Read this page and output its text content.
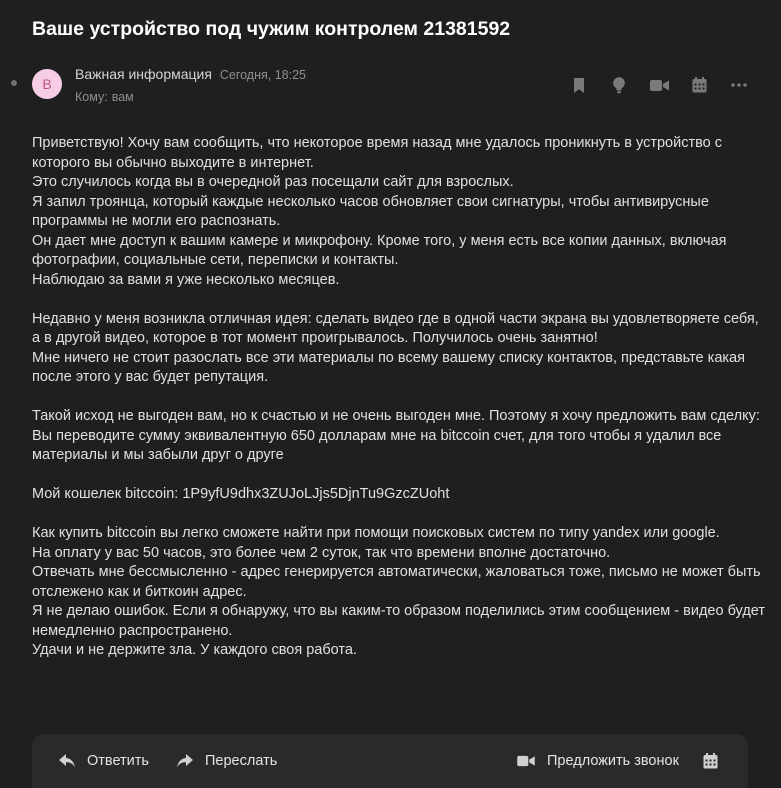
Ваше устройство под чужим контролем 21381592
В
Важная информация Сегодня, 18:25
Кому: вам

Приветствую! Хочу вам сообщить, что некоторое время назад мне удалось проникнуть в устройство с которого вы обычно выходите в интернет.
Это случилось когда вы в очередной раз посещали сайт для взрослых.
Я запил троянца, который каждые несколько часов обновляет свои сигнатуры, чтобы антивирусные программы не могли его распознать.
Он дает мне доступ к вашим камере и микрофону. Кроме того, у меня есть все копии данных, включая фотографии, социальные сети, переписки и контакты.
Наблюдаю за вами я уже несколько месяцев.

Недавно у меня возникла отличная идея: сделать видео где в одной части экрана вы удовлетворяете себя, а в другой видео, которое в тот момент проигрывалось. Получилось очень занятно!
Мне ничего не стоит разослать все эти материалы по всему вашему списку контактов, представьте какая после этого у вас будет репутация.

Такой исход не выгоден вам, но к счастью и не очень выгоден мне. Поэтому я хочу предложить вам сделку:
Вы переводите сумму эквивалентную 650 долларам мне на bitccoin счет, для того чтобы я удалил все материалы и мы забыли друг о друге

Мой кошелек bitccoin: 1P9yfU9dhx3ZUJoLJjs5DjnTu9GzcZUoht

Как купить bitccoin вы легко сможете найти при помощи поисковых систем по типу yandex или google.
На оплату у вас 50 часов, это более чем 2 суток, так что времени вполне достаточно.
Отвечать мне бессмысленно - адрес генерируется автоматически, жаловаться тоже, письмо не может быть отслежено как и биткоин адрес.
Я не делаю ошибок. Если я обнаружу, что вы каким-то образом поделились этим сообщением - видео будет немедленно распространено.
Удачи и не держите зла. У каждого своя работа.

Ответить	Переслать	Предложить звонок
